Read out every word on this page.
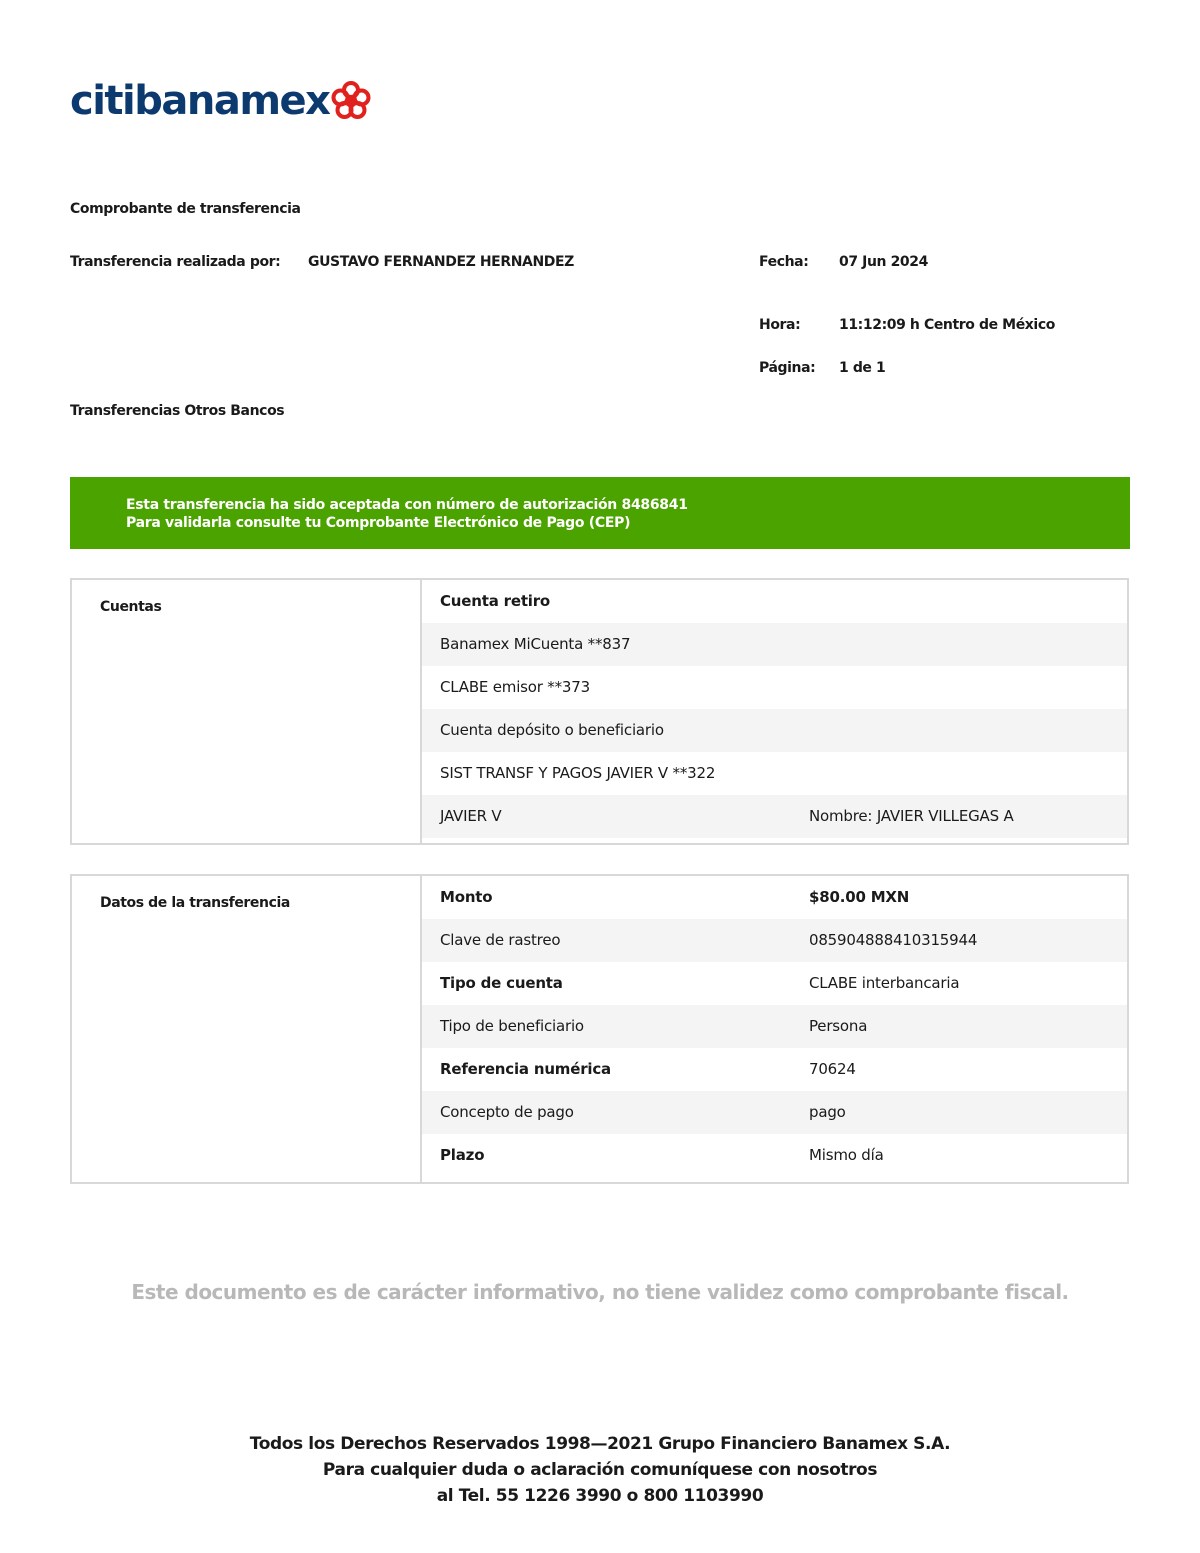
citibanamex
Comprobante de transferencia
Transferencia realizada por: GUSTAVO FERNANDEZ HERNANDEZ	Fecha: 07 Jun 2024
Hora:	11:12:09 h Centro de México
Página: 1 de 1
Transferencias Otros Bancos
Esta transferencia ha sido aceptada con número de autorización 8486841
Para validarla consulte tu Comprobante Electrónico de Pago (CEP)
Cuentas	Cuenta retiro
Banamex MiCuenta **837
CLABE emisor **373
Cuenta depósito o beneficiario
SIST TRANSF Y PAGOS JAVIER V **322
JAVIER V	Nombre: JAVIER VILLEGAS A
Datos de la transferencia	Monto	$80.00 MXN
Clave de rastreo	085904888410315944
Tipo de cuenta	CLABE interbancaria
Tipo de beneficiario	Persona
Referencia numérica	70624
Concepto de pago	pago
Plazo	Mismo día
Este documento es de carácter informativo, no tiene validez como comprobante fiscal.
Todos los Derechos Reservados 1998—2021 Grupo Financiero Banamex S.A.
Para cualquier duda o aclaración comuníquese con nosotros
al Tel. 55 1226 3990 o 800 1103990
